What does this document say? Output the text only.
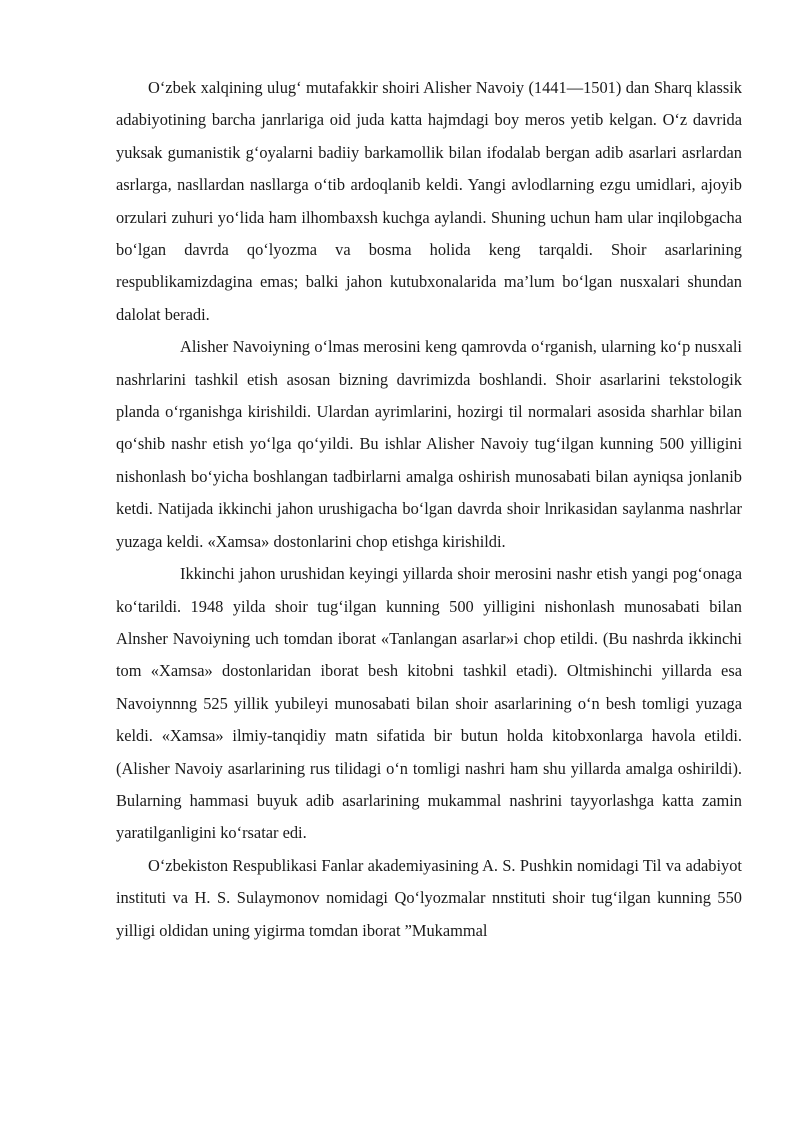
O‘zbek xalqining ulug‘ mutafakkir shoiri Alisher Navoiy (1441—1501) dan Sharq klassik adabiyotining barcha janrlariga oid juda katta hajmdagi boy meros yetib kelgan. O‘z davrida yuksak gumanistik g‘oyalarni badiiy barkamollik bilan ifodalab bergan adib asarlari asrlardan asrlarga, nasllardan nasllarga o‘tib ardoqlanib keldi. Yangi avlodlarning ezgu umidlari, ajoyib orzulari zuhuri yo‘lida ham ilhombaxsh kuchga aylandi. Shuning uchun ham ular inqilobgacha bo‘lgan davrda qo‘lyozma va bosma holida keng tarqaldi. Shoir asarlarining respublikamizdagina emas; balki jahon kutubxonalarida ma’lum bo‘lgan nusxalari shundan dalolat beradi.

Alisher Navoiyning o‘lmas merosini keng qamrovda o‘rganish, ularning ko‘p nusxali nashrlarini tashkil etish asosan bizning davrimizda boshlandi. Shoir asarlarini tekstologik planda o‘rganishga kirishildi. Ulardan ayrimlarini, hozirgi til normalari asosida sharhlar bilan qo‘shib nashr etish yo‘lga qo‘yildi. Bu ishlar Alisher Navoiy tug‘ilgan kunning 500 yilligini nishonlash bo‘yicha boshlangan tadbirlarni amalga oshirish munosabati bilan ayniqsa jonlanib ketdi. Natijada ikkinchi jahon urushigacha bo‘lgan davrda shoir lnrikasidan saylanma nashrlar yuzaga keldi. «Xamsa» dostonlarini chop etishga kirishildi.

Ikkinchi jahon urushidan keyingi yillarda shoir merosini nashr etish yangi pog‘onaga ko‘tarildi. 1948 yilda shoir tug‘ilgan kunning 500 yilligini nishonlash munosabati bilan Alnsher Navoiyning uch tomdan iborat «Tanlangan asarlar»i chop etildi. (Bu nashrda ikkinchi tom «Xamsa» dostonlaridan iborat besh kitobni tashkil etadi). Oltmishinchi yillarda esa Navoiynnng 525 yillik yubileyi munosabati bilan shoir asarlarining o‘n besh tomligi yuzaga keldi. «Xamsa» ilmiy-tanqidiy matn sifatida bir butun holda kitobxonlarga havola etildi. (Alisher Navoiy asarlarining rus tilidagi o‘n tomligi nashri ham shu yillarda amalga oshirildi). Bularning hammasi buyuk adib asarlarining mukammal nashrini tayyorlashga katta zamin yaratilganligini ko‘rsatar edi.

O‘zbekiston Respublikasi Fanlar akademiyasining A. S. Pushkin nomidagi Til va adabiyot instituti va H. S. Sulaymonov nomidagi Qo‘lyozmalar nnstituti shoir tug‘ilgan kunning 550 yilligi oldidan uning yigirma tomdan iborat ”Mukammal
